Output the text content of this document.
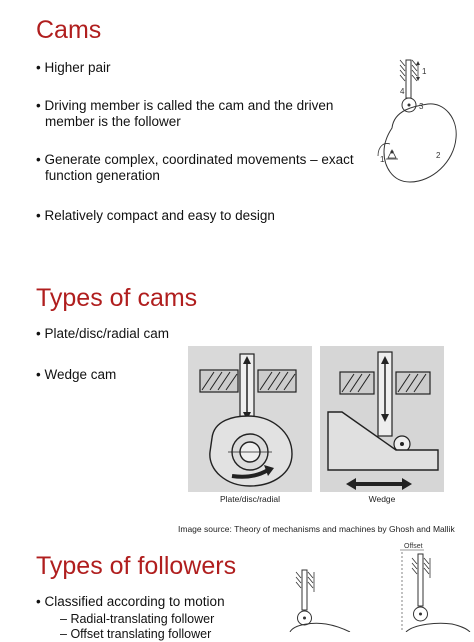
Cams
• Higher pair
• Driving member is called the cam and the driven member is the follower
• Generate complex, coordinated movements – exact function generation
• Relatively compact and easy to design
1
2
3
4
1
Types of cams
• Plate/disc/radial cam
• Wedge cam
Plate/disc/radial	Wedge
Image source: Theory of mechanisms and machines by Ghosh and Mallik
Types of followers
• Classified according to motion
– Radial-translating follower
– Offset translating follower
Offset
